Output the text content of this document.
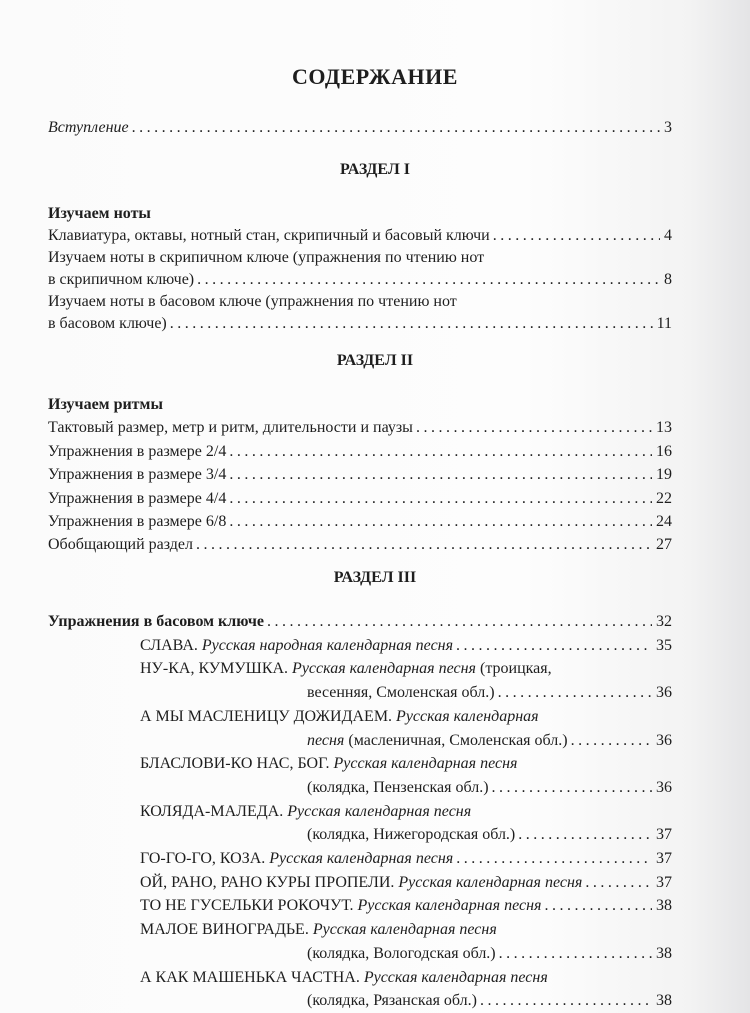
СОДЕРЖАНИЕ
Вступление . . .	3
РАЗДЕЛ I
Изучаем ноты
Клавиатура, октавы, нотный стан, скрипичный и басовый ключи . . .	4
Изучаем ноты в скрипичном ключе (упражнения по чтению нот
в скрипичном ключе) . . .	8
Изучаем ноты в басовом ключе (упражнения по чтению нот
в басовом ключе) . . .	11
РАЗДЕЛ II
Изучаем ритмы
Тактовый размер, метр и ритм, длительности и паузы . . .	13
Упражнения в размере 2/4 . . .	16
Упражнения в размере 3/4 . . .	19
Упражнения в размере 4/4 . . .	22
Упражнения в размере 6/8 . . .	24
Обобщающий раздел . . .	27
РАЗДЕЛ III
Упражнения в басовом ключе . . .	32
СЛАВА. Русская народная календарная песня . . .	35
НУ-КА, КУМУШКА. Русская календарная песня (троицкая,
весенняя, Смоленская обл.) . . .	36
А МЫ МАСЛЕНИЦУ ДОЖИДАЕМ. Русская календарная
песня (масленичная, Смоленская обл.) . . .	36
БЛАСЛОВИ-КО НАС, БОГ. Русская календарная песня
(колядка, Пензенская обл.) . . .	36
КОЛЯДА-МАЛЕДА. Русская календарная песня
(колядка, Нижегородская обл.) . . .	37
ГО-ГО-ГО, КОЗА. Русская календарная песня . . .	37
ОЙ, РАНО, РАНО КУРЫ ПРОПЕЛИ. Русская календарная песня . . .	37
ТО НЕ ГУСЕЛЬКИ РОКОЧУТ. Русская календарная песня . . .	38
МАЛОЕ ВИНОГРАДЬЕ. Русская календарная песня
(колядка, Вологодская обл.) . . .	38
А КАК МАШЕНЬКА ЧАСТНА. Русская календарная песня
(колядка, Рязанская обл.) . . .	38
